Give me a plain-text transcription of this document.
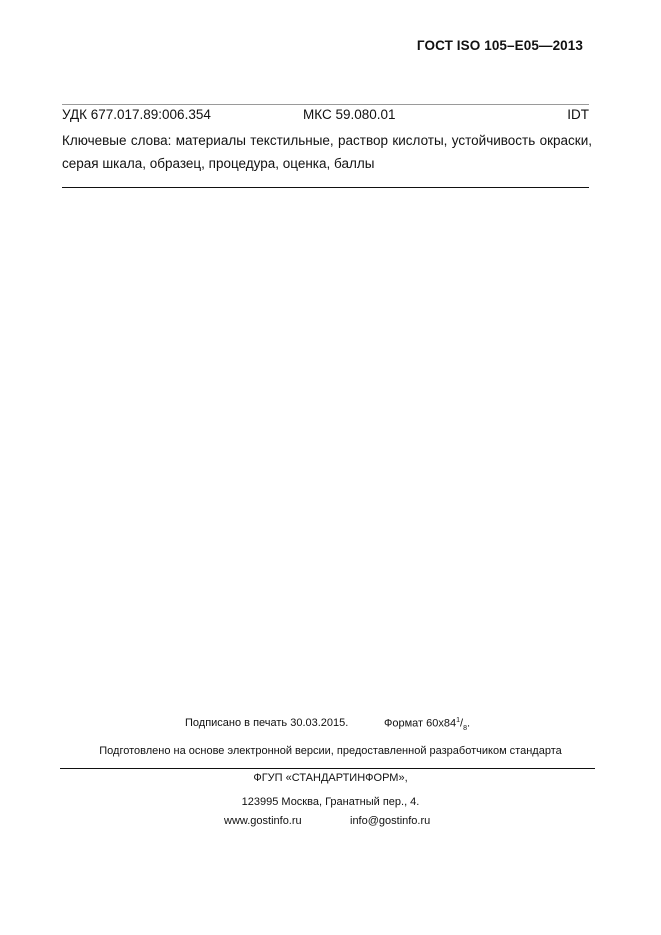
ГОСТ ISO 105–E05—2013
УДК 677.017.89:006.354	МКС 59.080.01	IDT
Ключевые слова: материалы текстильные, раствор кислоты, устойчивость окраски, серая шкала, образец, процедура, оценка, баллы
Подписано в печать 30.03.2015.	Формат $60x84^1/_8$.
Подготовлено на основе электронной версии, предоставленной разработчиком стандарта
ФГУП «СТАНДАРТИНФОРМ»,
123995 Москва, Гранатный пер., 4.
www.gostinfo.ru	info@gostinfo.ru
